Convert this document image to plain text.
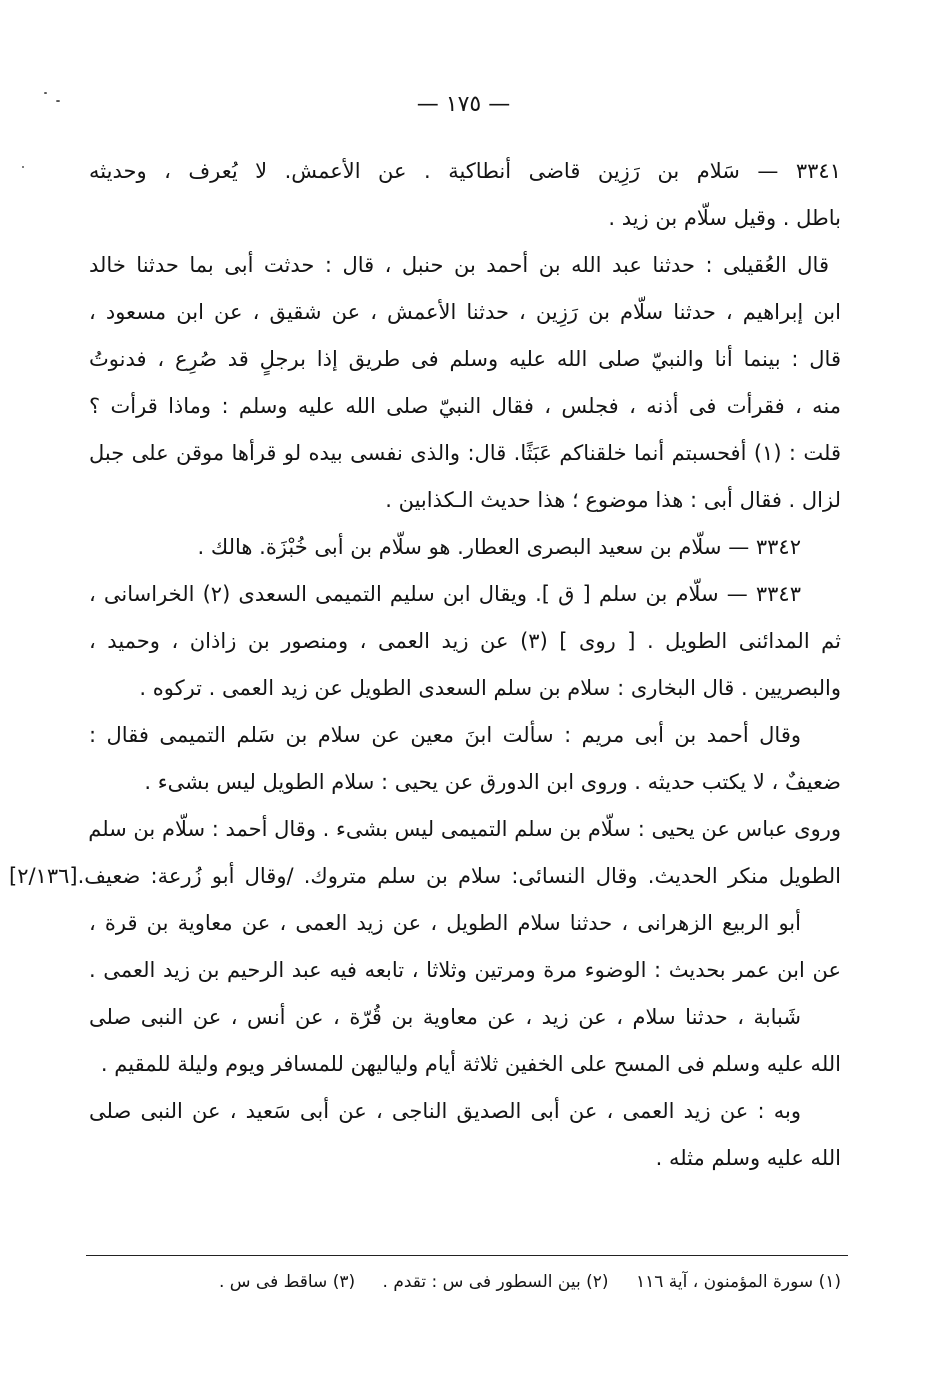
— ١٧٥ —
٣٣٤١ — سَلام بن رَزِين قاضى أنطاكية . عن الأعمش. لا يُعرف ، وحديثه
باطل . وقيل سلّام بن زيد .
قال العُقيلى : حدثنا عبد الله بن أحمد بن حنبل ، قال : حدثت أبى بما حدثنا خالد
ابن إبراهيم ، حدثنا سلّام بن رَزِين ، حدثنا الأعمش ، عن شقيق ، عن ابن مسعود ،
قال : بينما أنا والنبيّ صلى الله عليه وسلم فى طريق إذا برجلٍ قد صُرِع ، فدنوتُ
منه ، فقرأت فى أذنه ، فجلس ، فقال النبيّ صلى الله عليه وسلم : وماذا قرأت ؟
قلت : (١) أفحسبتم أنما خلقناكم عَبَثًا. قال: والذى نفسى بيده لو قرأها موقن على جبل
لزال . فقال أبى : هذا موضوع ؛ هذا حديث الـكذابين .
٣٣٤٢ — سلّام بن سعيد البصرى العطار. هو سلّام بن أبى خُبْزَة. هالك .
٣٣٤٣ — سلّام بن سلم [ ق ]. ويقال ابن سليم التميمى السعدى (٢) الخراسانى ،
ثم المدائنى الطويل . [ روى ] (٣) عن زيد العمى ، ومنصور بن زاذان ، وحميد ،
والبصريين . قال البخارى : سلام بن سلم السعدى الطويل عن زيد العمى . تركوه .
وقال أحمد بن أبى مريم : سألت ابنَ معين عن سلام بن سَلم التميمى فقال :
ضعيفٌ ، لا يكتب حديثه . وروى ابن الدورق عن يحيى : سلام الطويل ليس بشىء .
وروى عباس عن يحيى : سلّام بن سلم التميمى ليس بشىء . وقال أحمد : سلّام بن سلم
الطويل منكر الحديث. وقال النسائى: سلام بن سلم متروك. /وقال أبو زُرعة: ضعيف.[٢/١٣٦]
أبو الربيع الزهرانى ، حدثنا سلام الطويل ، عن زيد العمى ، عن معاوية بن قرة ،
عن ابن عمر بحديث : الوضوء مرة ومرتين وثلاثا ، تابعه فيه عبد الرحيم بن زيد العمى .
شَبابة ، حدثنا سلام ، عن زيد ، عن معاوية بن قُرّة ، عن أنس ، عن النبى صلى
الله عليه وسلم فى المسح على الخفين ثلاثة أيام ولياليهن للمسافر ويوم وليلة للمقيم .
وبه : عن زيد العمى ، عن أبى الصديق الناجى ، عن أبى سَعيد ، عن النبى صلى
الله عليه وسلم مثله .
(١) سورة المؤمنون ، آية ١١٦ (٢) بين السطور فى س : تقدم . (٣) ساقط فى س .
